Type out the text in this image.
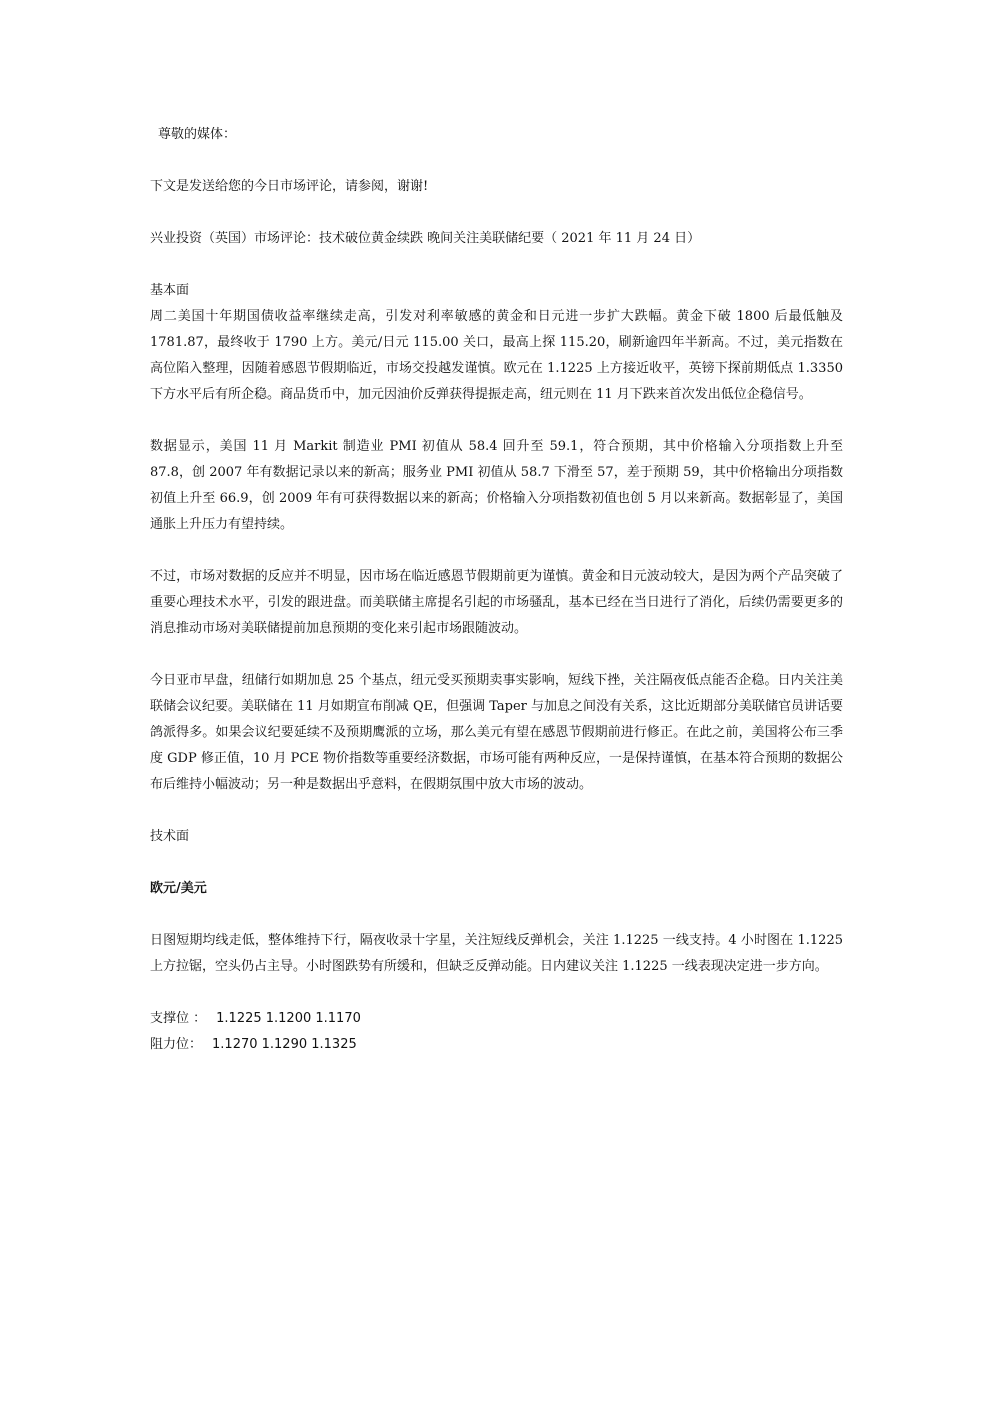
尊敬的媒体：

下文是发送给您的今日市场评论，请参阅，谢谢!

兴业投资（英国）市场评论：技术破位黄金续跌 晚间关注美联储纪要（ 2021 年 11 月 24 日）

基本面

周二美国十年期国债收益率继续走高，引发对利率敏感的黄金和日元进一步扩大跌幅。黄金下破 1800 后最低触及 1781.87，最终收于 1790 上方。美元/日元 115.00 关口，最高上探 115.20，刷新逾四年半新高。不过，美元指数在高位陷入整理，因随着感恩节假期临近，市场交投越发谨慎。欧元在 1.1225 上方接近收平，英镑下探前期低点 1.3350 下方水平后有所企稳。商品货币中，加元因油价反弹获得提振走高，纽元则在 11 月下跌来首次发出低位企稳信号。

数据显示，美国 11 月 Markit 制造业 PMI 初值从 58.4 回升至 59.1，符合预期，其中价格输入分项指数上升至 87.8，创 2007 年有数据记录以来的新高；服务业 PMI 初值从 58.7 下滑至 57，差于预期 59，其中价格输出分项指数初值上升至 66.9，创 2009 年有可获得数据以来的新高；价格输入分项指数初值也创 5 月以来新高。数据彰显了，美国通胀上升压力有望持续。

不过，市场对数据的反应并不明显，因市场在临近感恩节假期前更为谨慎。黄金和日元波动较大，是因为两个产品突破了重要心理技术水平，引发的跟进盘。而美联储主席提名引起的市场骚乱，基本已经在当日进行了消化，后续仍需要更多的消息推动市场对美联储提前加息预期的变化来引起市场跟随波动。

今日亚市早盘，纽储行如期加息 25 个基点，纽元受买预期卖事实影响，短线下挫，关注隔夜低点能否企稳。日内关注美联储会议纪要。美联储在 11 月如期宣布削减 QE，但强调 Taper 与加息之间没有关系，这比近期部分美联储官员讲话要鸽派得多。如果会议纪要延续不及预期鹰派的立场，那么美元有望在感恩节假期前进行修正。在此之前，美国将公布三季度 GDP 修正值，10 月 PCE 物价指数等重要经济数据，市场可能有两种反应，一是保持谨慎，在基本符合预期的数据公布后维持小幅波动；另一种是数据出乎意料，在假期氛围中放大市场的波动。

技术面

欧元/美元

日图短期均线走低，整体维持下行，隔夜收录十字星，关注短线反弹机会，关注 1.1225 一线支持。4 小时图在 1.1225 上方拉锯，空头仍占主导。小时图跌势有所缓和，但缺乏反弹动能。日内建议关注 1.1225 一线表现决定进一步方向。

支撑位 ： 1.1225 1.1200 1.1170
阻力位： 1.1270 1.1290 1.1325
